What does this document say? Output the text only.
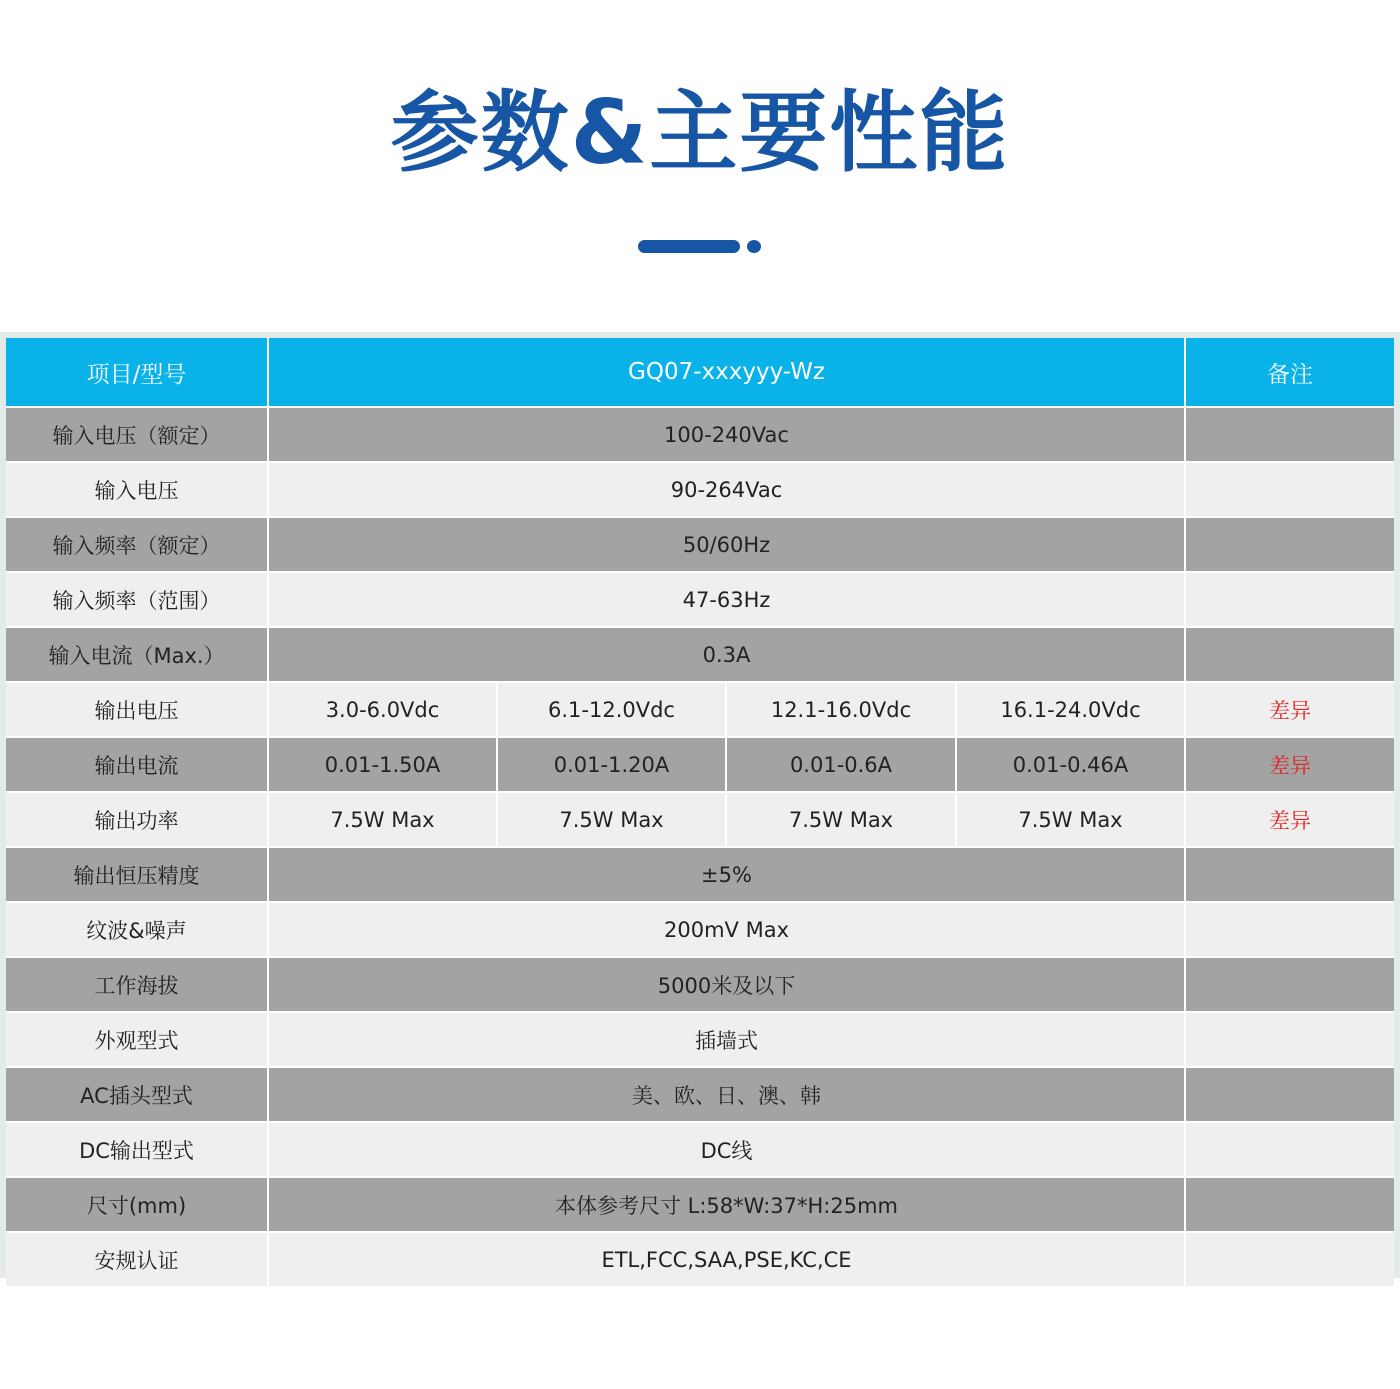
参数&主要性能
项目/型号	GQ07-xxxyyy-Wz				备注
输入电压（额定）	100-240Vac				
输入电压	90-264Vac				
输入频率（额定）	50/60Hz				
输入频率（范围）	47-63Hz				
输入电流（Max.）	0.3A				
输出电压	3.0-6.0Vdc	6.1-12.0Vdc	12.1-16.0Vdc	16.1-24.0Vdc	差异
输出电流	0.01-1.50A	0.01-1.20A	0.01-0.6A	0.01-0.46A	差异
输出功率	7.5W Max	7.5W Max	7.5W Max	7.5W Max	差异
输出恒压精度	±5%				
纹波&噪声	200mV Max				
工作海拔	5000米及以下				
外观型式	插墙式				
AC插头型式	美、欧、日、澳、韩				
DC输出型式	DC线				
尺寸(mm)	本体参考尺寸 L:58*W:37*H:25mm				
安规认证	ETL,FCC,SAA,PSE,KC,CE				
